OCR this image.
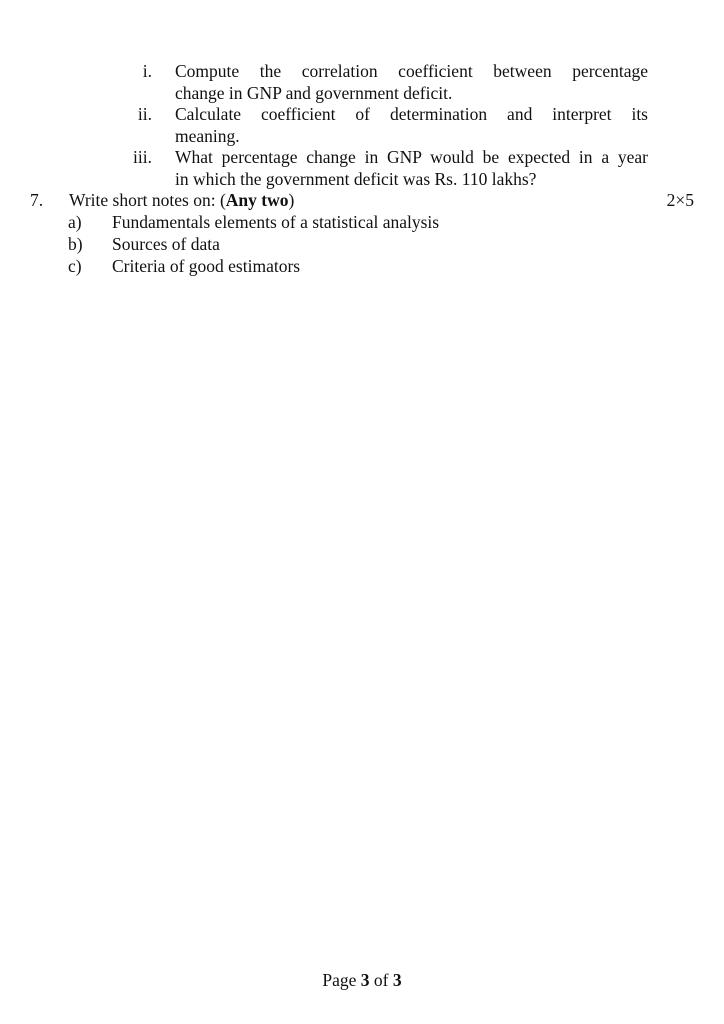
i. Compute the correlation coefficient between percentage
change in GNP and government deficit.
ii. Calculate coefficient of determination and interpret its
meaning.
iii. What percentage change in GNP would be expected in a year
in which the government deficit was Rs. 110 lakhs?
7. Write short notes on: (Any two)	2×5
a) Fundamentals elements of a statistical analysis
b) Sources of data
c) Criteria of good estimators
Page 3 of 3
